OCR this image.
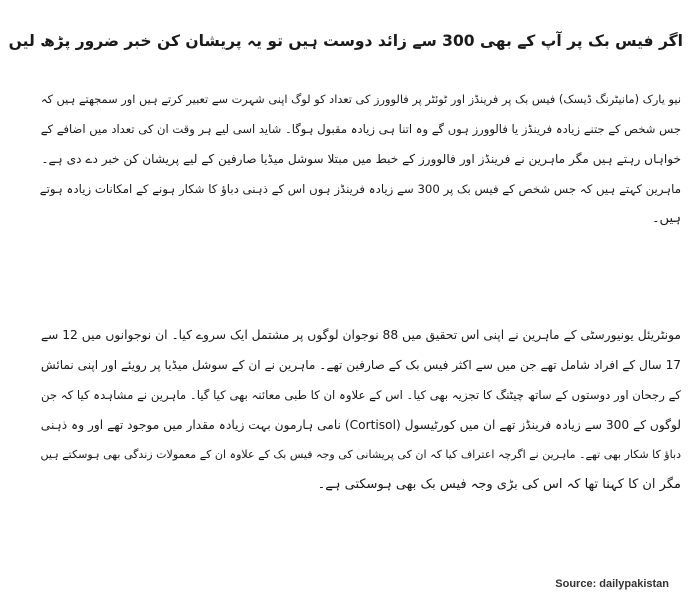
اگر فیس بک پر آپ کے بھی 300 سے زائد دوست ہیں تو یہ پریشان کن خبر ضرور پڑھ لیں
نیو یارک (مانیٹرنگ ڈیسک) فیس بک پر فرینڈز اور ٹوئٹر پر فالوورز کی تعداد کو لوگ اپنی شہرت سے تعبیر کرتے ہیں اور سمجھتے ہیں کہ
جس شخص کے جتنے زیادہ فرینڈز یا فالوورز ہوں گے وہ اتنا ہی زیادہ مقبول ہوگا۔ شاید اسی لیے ہر وقت ان کی تعداد میں اضافے کے
خواہاں رہتے ہیں مگر ماہرین نے فرینڈز اور فالوورز کے خبط میں مبتلا سوشل میڈیا صارفین کے لیے پریشان کن خبر دے دی ہے۔
ماہرین کہتے ہیں کہ جس شخص کے فیس بک پر 300 سے زیادہ فرینڈز ہوں اس کے ذہنی دباؤ کا شکار ہونے کے امکانات زیادہ ہوتے
ہیں۔
مونٹریئل یونیورسٹی کے ماہرین نے اپنی اس تحقیق میں 88 نوجوان لوگوں پر مشتمل ایک سروے کیا۔ ان نوجوانوں میں 12 سے
17 سال کے افراد شامل تھے جن میں سے اکثر فیس بک کے صارفین تھے۔ ماہرین نے ان کے سوشل میڈیا پر رویئے اور اپنی نمائش
کے رجحان اور دوستوں کے ساتھ چیٹنگ کا تجزیہ بھی کیا۔ اس کے علاوہ ان کا طبی معائنہ بھی کیا گیا۔ ماہرین نے مشاہدہ کیا کہ جن
لوگوں کے 300 سے زیادہ فرینڈز تھے ان میں کورٹیسول (Cortisol) نامی ہارمون بہت زیادہ مقدار میں موجود تھے اور وہ ذہنی
دباؤ کا شکار بھی تھے۔ ماہرین نے اگرچہ اعتراف کیا کہ ان کی پریشانی کی وجہ فیس بک کے علاوہ ان کے معمولات زندگی بھی ہوسکتے ہیں
مگر ان کا کہنا تھا کہ اس کی بڑی وجہ فیس بک بھی ہوسکتی ہے۔
Source: dailypakistan
